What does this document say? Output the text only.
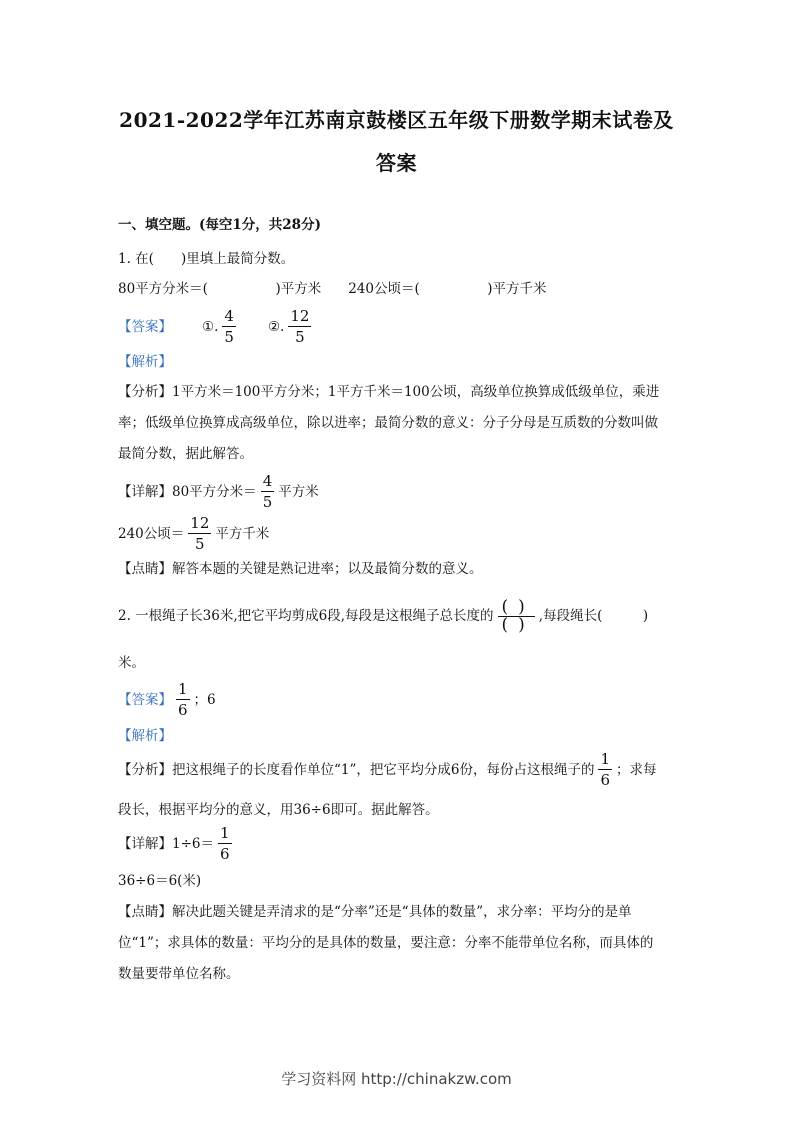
2021-2022学年江苏南京鼓楼区五年级下册数学期末试卷及
答案
一、填空题。(每空1分，共28分)
1. 在(　　)里填上最简分数。
80平方分米＝(　　　　　)平方米　　240公顷＝(　　　　　)平方千米
【答案】 ①. $\frac{4}{5}$ ②. $\frac{12}{5}$
【解析】
【分析】1平方米＝100平方分米；1平方千米＝100公顷，高级单位换算成低级单位，乘进
率；低级单位换算成高级单位，除以进率；最简分数的意义：分子分母是互质数的分数叫做
最简分数，据此解答。
【详解】 80平方分米＝ $\frac{4}{5}$ 平方米
240公顷＝ $\frac{12}{5}$ 平方千米
【点睛】解答本题的关键是熟记进率；以及最简分数的意义。
2. 一根绳子长36米,把它平均剪成6段,每段是这根绳子总长度的 $\frac{()}{()}$ ,每段绳长(　　　)
米。
【答案】 $\frac{1}{6}$ ；6
【解析】
【分析】 把这根绳子的长度看作单位“1”，把它平均分成6份，每份占这根绳子的 $\frac{1}{6}$ ；求每
段长，根据平均分的意义，用36÷6即可。据此解答。
【详解】 $1\div 6= \frac{1}{6}$
36÷6＝6(米)
【点睛】解决此题关键是弄清求的是“分率”还是“具体的数量”，求分率：平均分的是单
位“1”；求具体的数量：平均分的是具体的数量，要注意：分率不能带单位名称，而具体的
数量要带单位名称。
学习资料网 http://chinakzw.com
